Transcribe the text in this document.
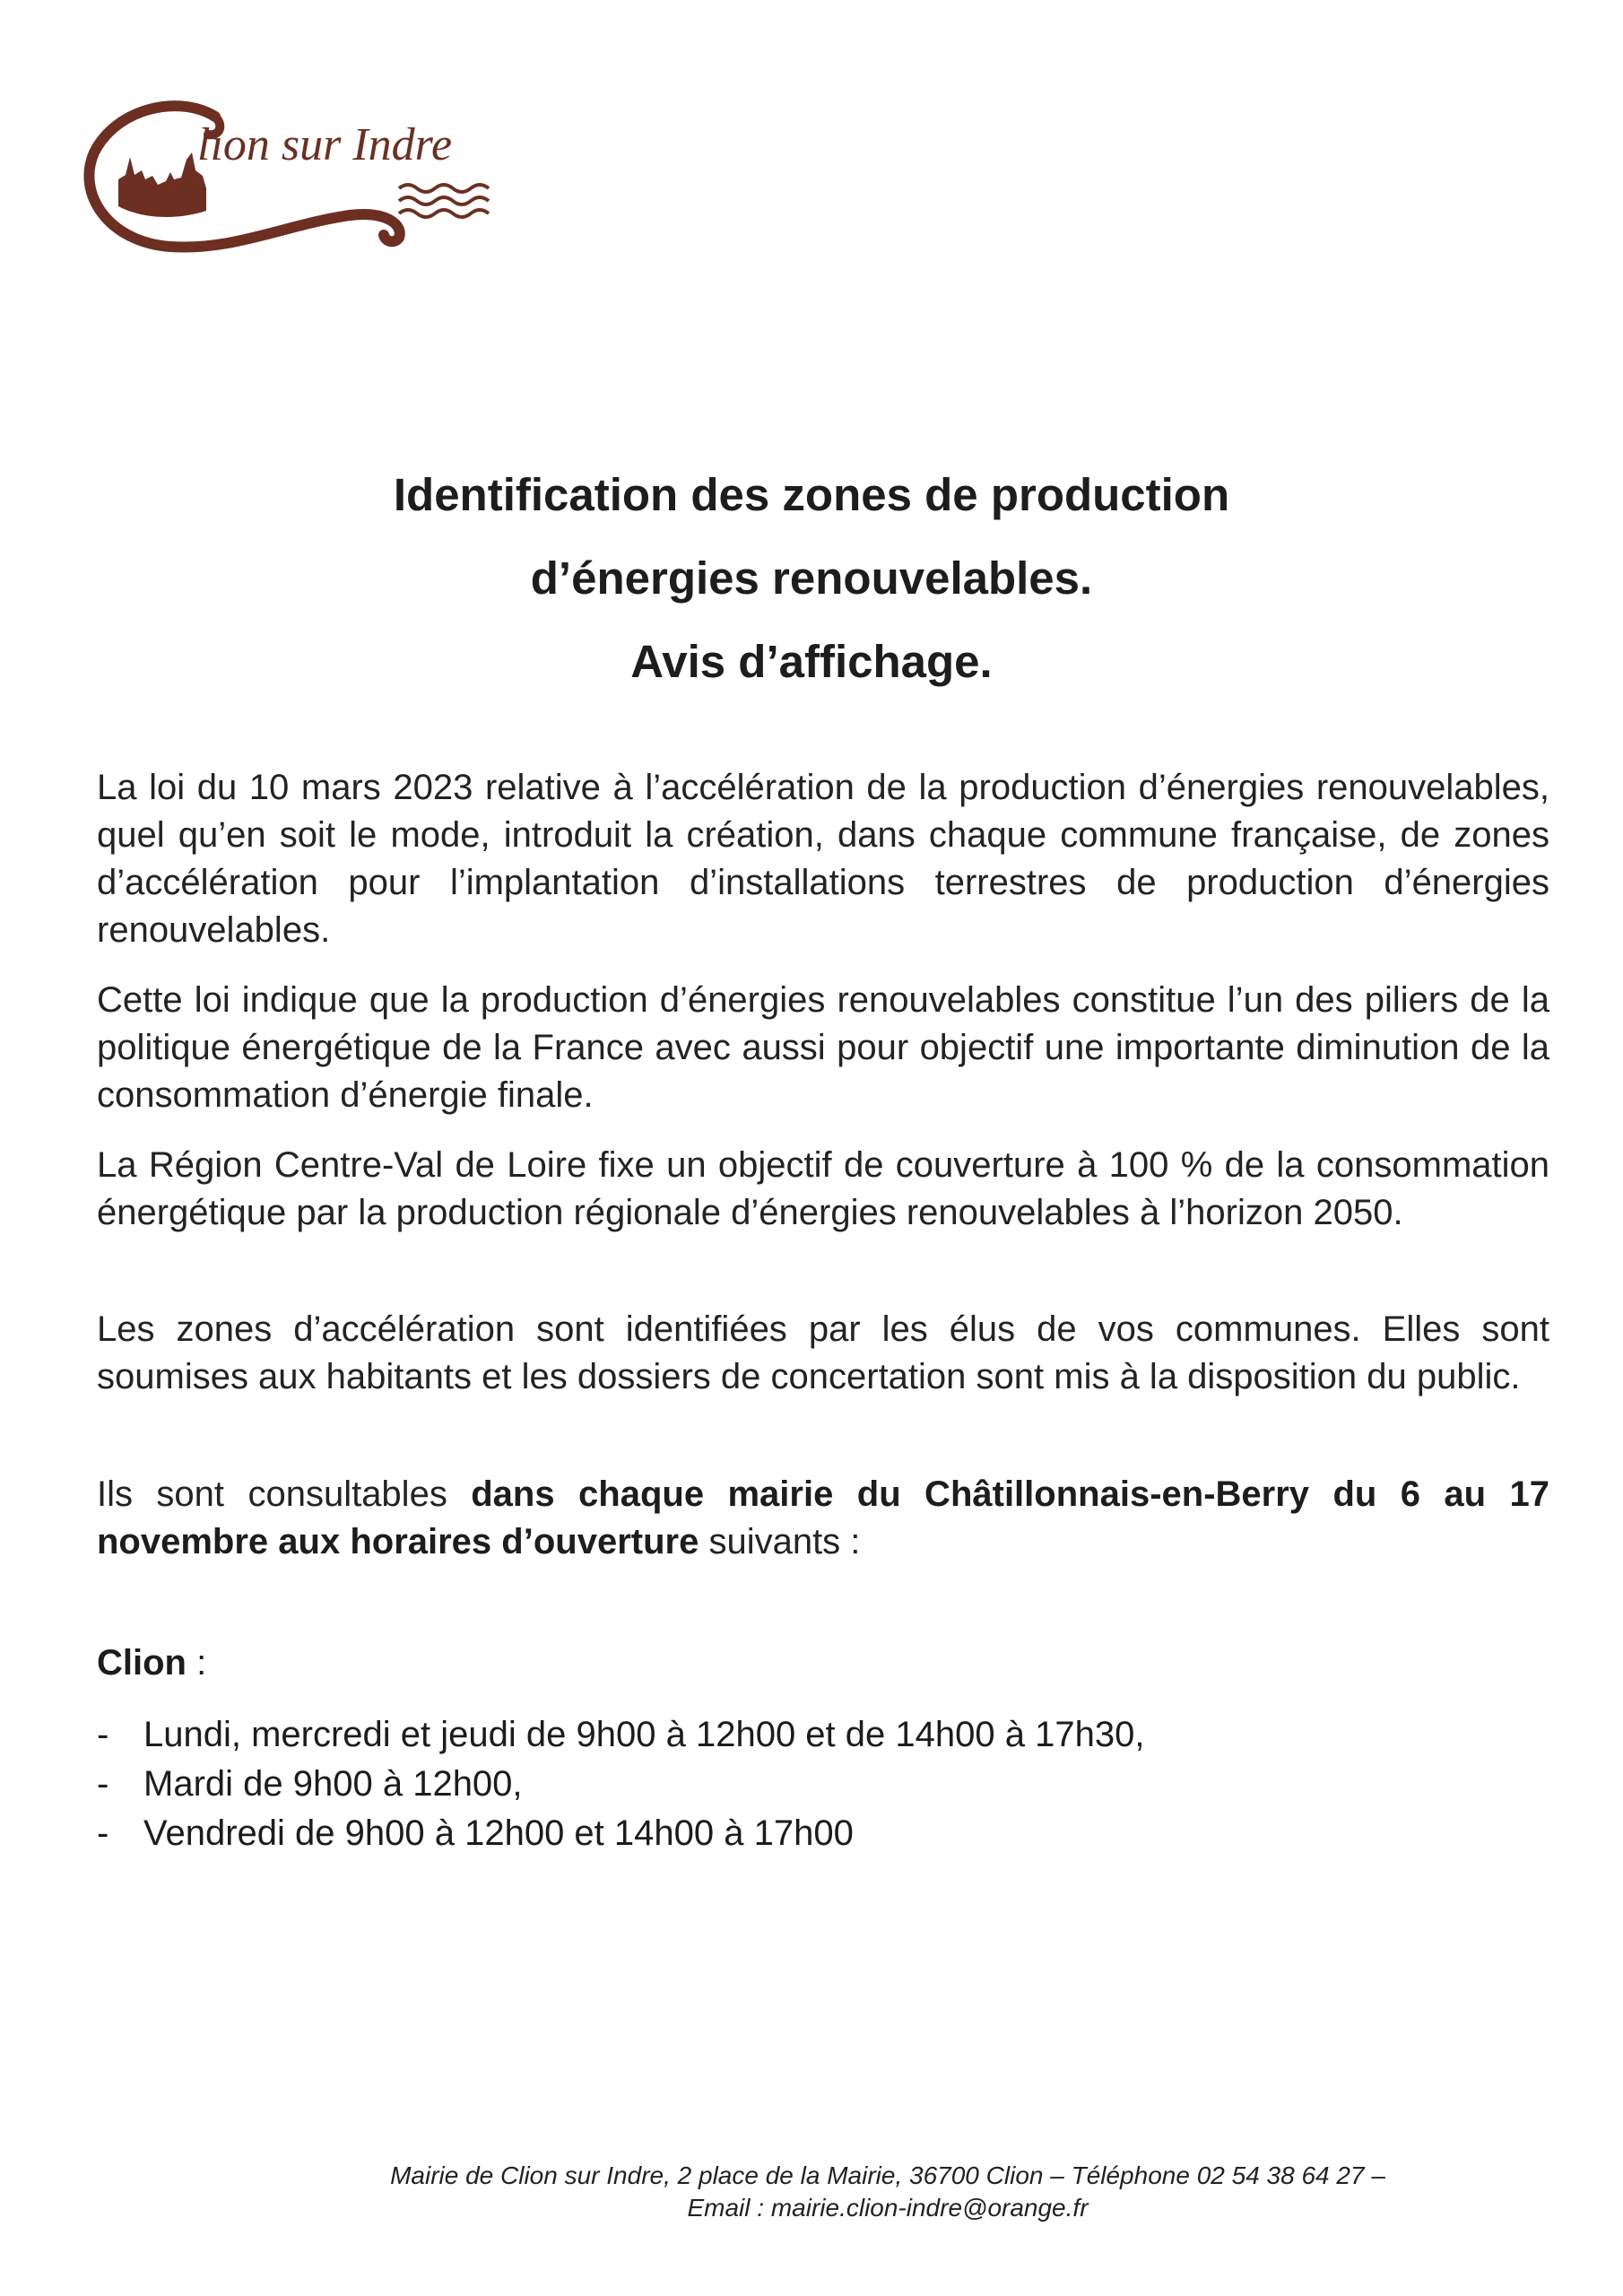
lion sur Indre
Identification des zones de production
d’énergies renouvelables.
Avis d’affichage.

La loi du 10 mars 2023 relative à l’accélération de la production d’énergies renouvelables, quel qu’en soit le mode, introduit la création, dans chaque commune française, de zones d’accélération pour l’implantation d’installations terrestres de production d’énergies renouvelables.

Cette loi indique que la production d’énergies renouvelables constitue l’un des piliers de la politique énergétique de la France avec aussi pour objectif une importante diminution de la consommation d’énergie finale.

La Région Centre-Val de Loire fixe un objectif de couverture à 100 % de la consommation énergétique par la production régionale d’énergies renouvelables à l’horizon 2050.

Les zones d’accélération sont identifiées par les élus de vos communes. Elles sont soumises aux habitants et les dossiers de concertation sont mis à la disposition du public.

Ils sont consultables dans chaque mairie du Châtillonnais-en-Berry du 6 au 17 novembre aux horaires d’ouverture suivants :

Clion :
- Lundi, mercredi et jeudi de 9h00 à 12h00 et de 14h00 à 17h30,
- Mardi de 9h00 à 12h00,
- Vendredi de 9h00 à 12h00 et 14h00 à 17h00
Mairie de Clion sur Indre, 2 place de la Mairie, 36700 Clion – Téléphone 02 54 38 64 27 –
Email : mairie.clion-indre@orange.fr
